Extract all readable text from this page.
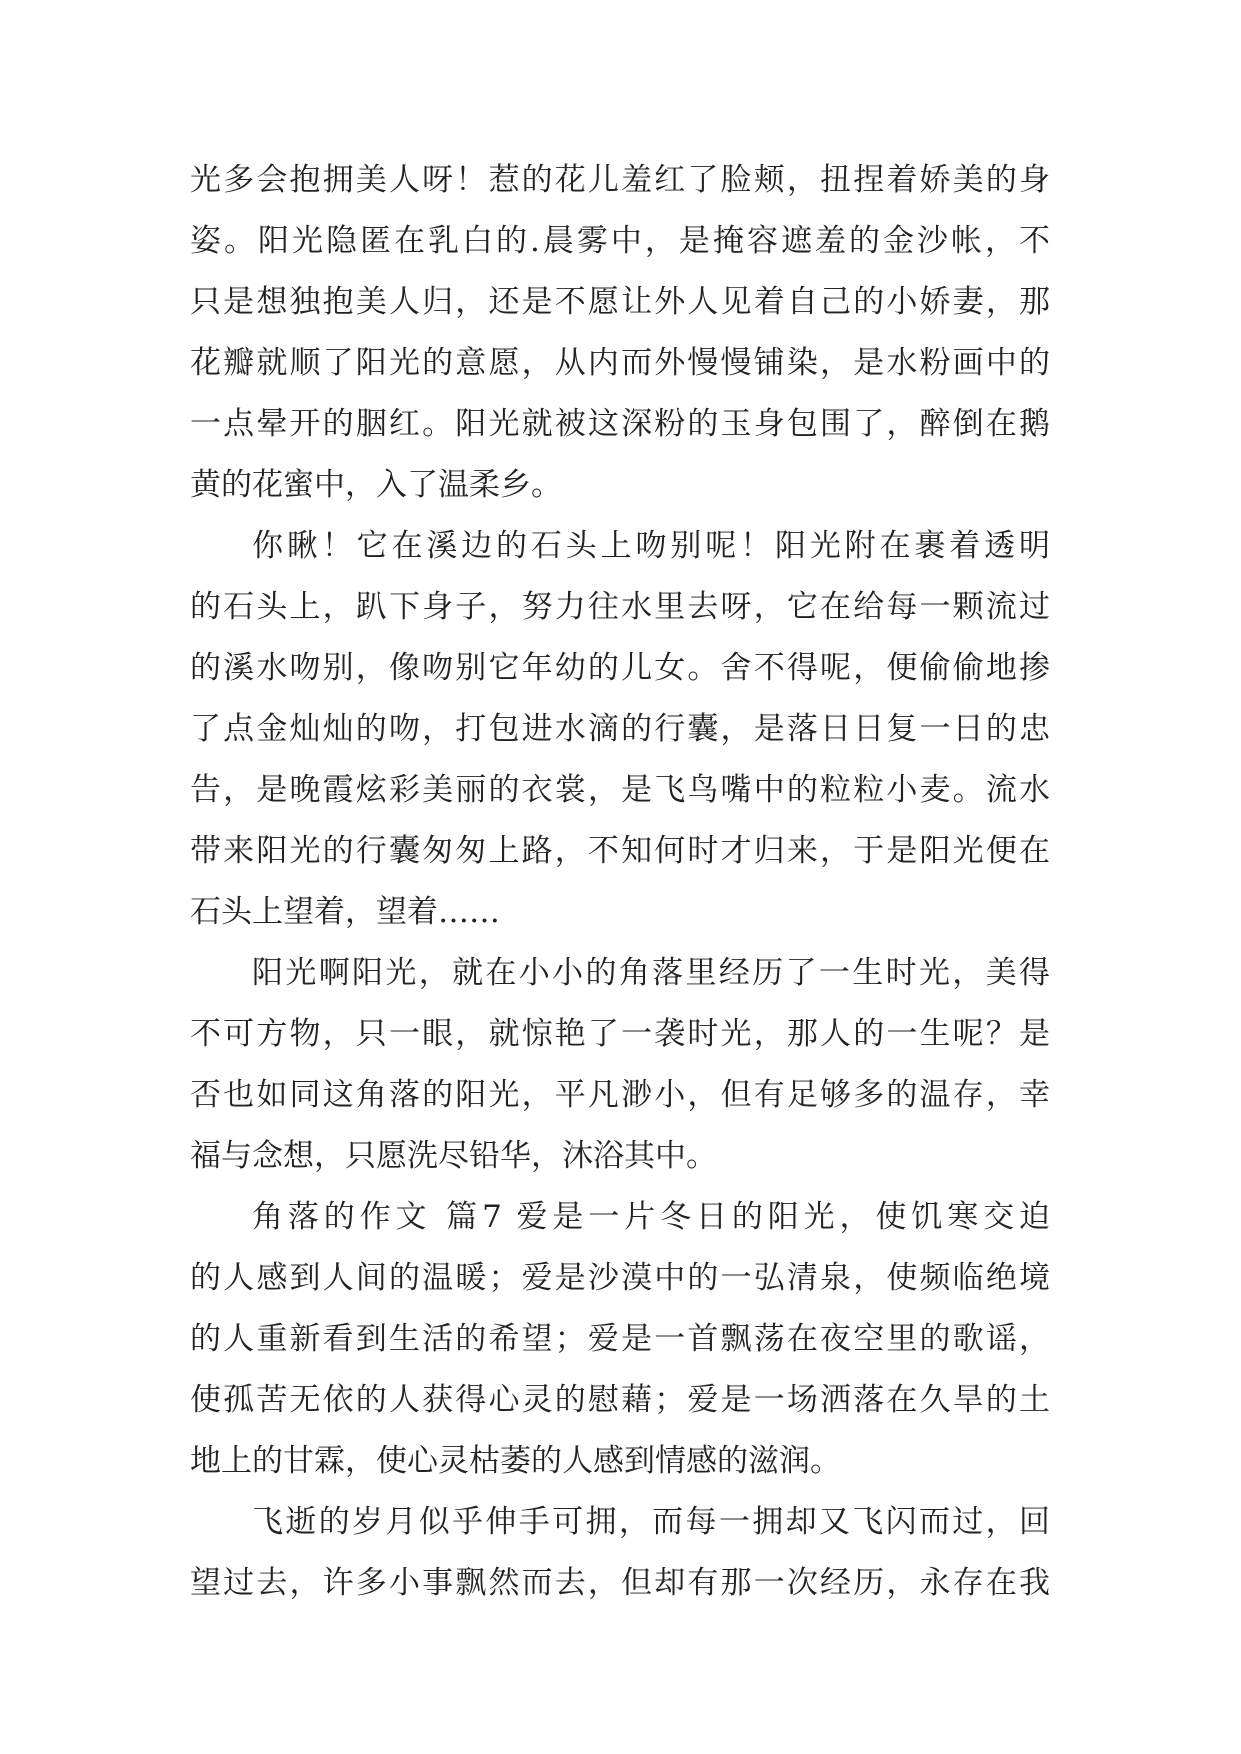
光多会抱拥美人呀！惹的花儿羞红了脸颊，扭捏着娇美的身
姿。阳光隐匿在乳白的.晨雾中，是掩容遮羞的金沙帐，不
只是想独抱美人归，还是不愿让外人见着自己的小娇妻，那
花瓣就顺了阳光的意愿，从内而外慢慢铺染，是水粉画中的
一点晕开的胭红。阳光就被这深粉的玉身包围了，醉倒在鹅
黄的花蜜中，入了温柔乡。
你瞅！它在溪边的石头上吻别呢！阳光附在裹着透明
的石头上，趴下身子，努力往水里去呀，它在给每一颗流过
的溪水吻别，像吻别它年幼的儿女。舍不得呢，便偷偷地掺
了点金灿灿的吻，打包进水滴的行囊，是落日日复一日的忠
告，是晚霞炫彩美丽的衣裳，是飞鸟嘴中的粒粒小麦。流水
带来阳光的行囊匆匆上路，不知何时才归来，于是阳光便在
石头上望着，望着……
阳光啊阳光，就在小小的角落里经历了一生时光，美得
不可方物，只一眼，就惊艳了一袭时光，那人的一生呢？是
否也如同这角落的阳光，平凡渺小，但有足够多的温存，幸
福与念想，只愿洗尽铅华，沐浴其中。
角落的作文 篇7 爱是一片冬日的阳光，使饥寒交迫
的人感到人间的温暖；爱是沙漠中的一弘清泉，使频临绝境
的人重新看到生活的希望；爱是一首飘荡在夜空里的歌谣，
使孤苦无依的人获得心灵的慰藉；爱是一场洒落在久旱的土
地上的甘霖，使心灵枯萎的人感到情感的滋润。
飞逝的岁月似乎伸手可拥，而每一拥却又飞闪而过，回
望过去，许多小事飘然而去，但却有那一次经历，永存在我
